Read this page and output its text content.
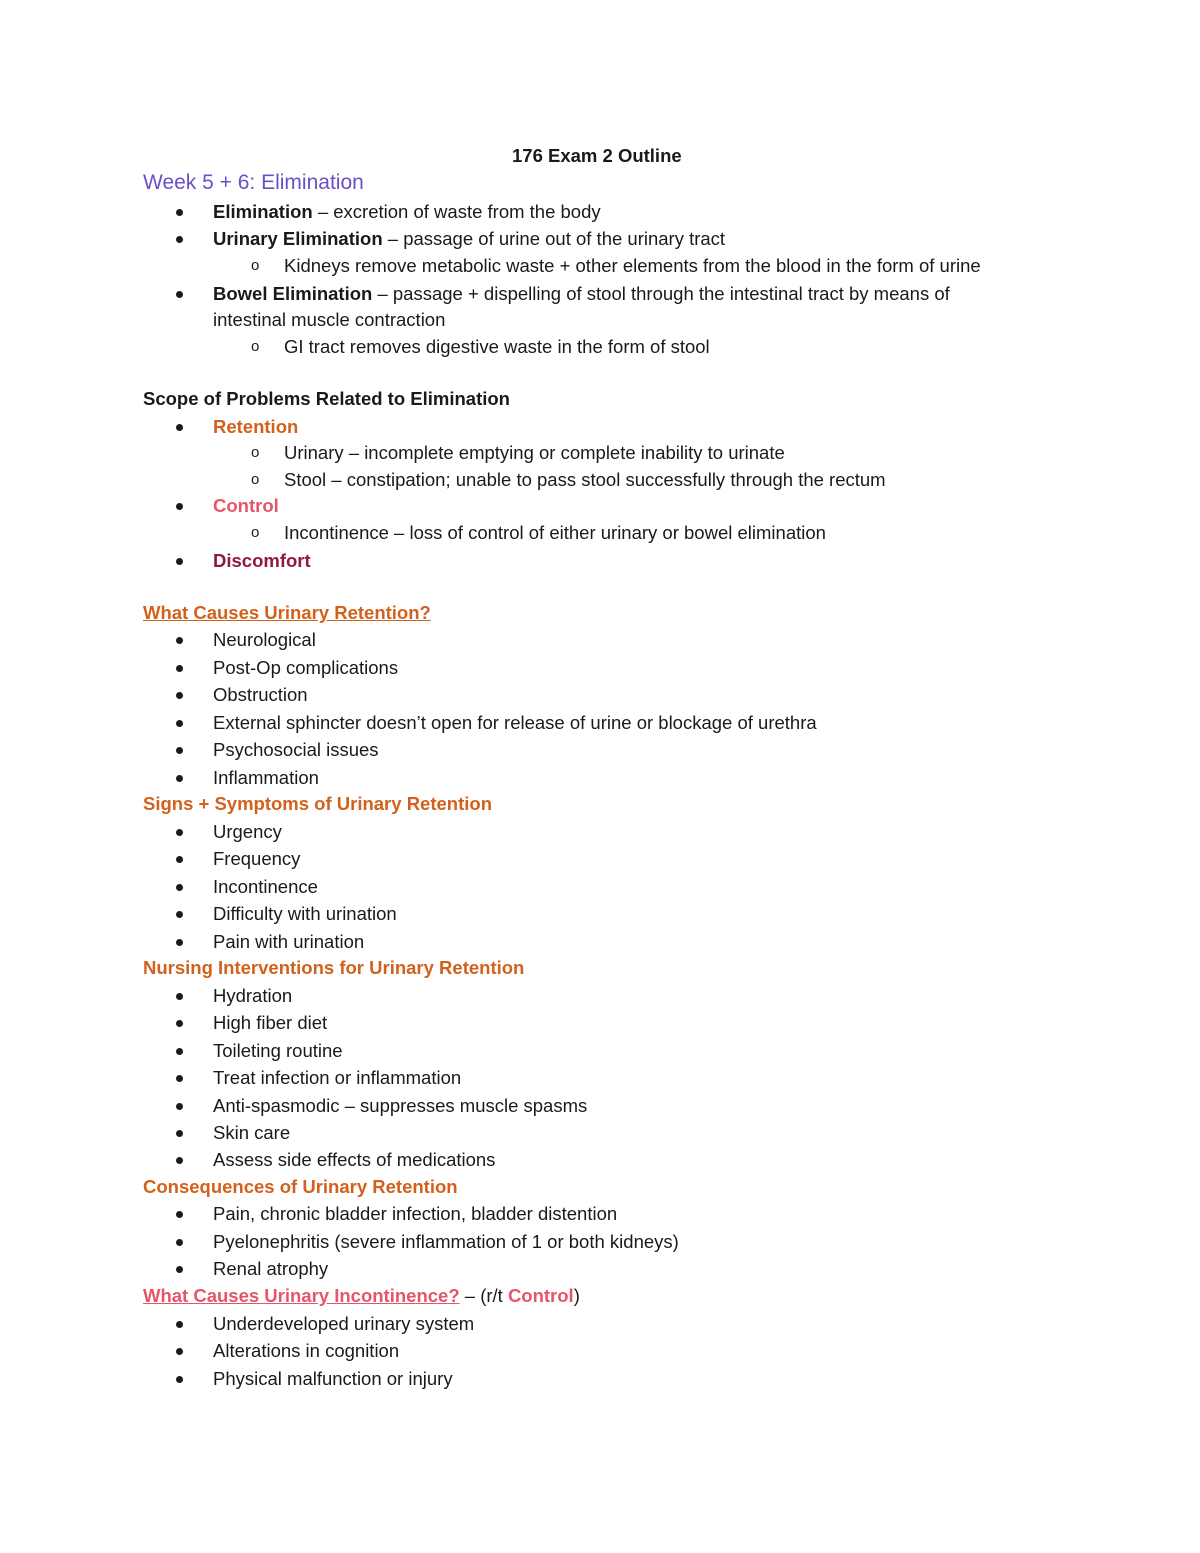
176 Exam 2 Outline
Week 5 + 6: Elimination
Elimination – excretion of waste from the body
Urinary Elimination – passage of urine out of the urinary tract
o Kidneys remove metabolic waste + other elements from the blood in the form of urine
Bowel Elimination – passage + dispelling of stool through the intestinal tract by means of
intestinal muscle contraction
o GI tract removes digestive waste in the form of stool
Scope of Problems Related to Elimination
Retention
o Urinary – incomplete emptying or complete inability to urinate
o Stool – constipation; unable to pass stool successfully through the rectum
Control
o Incontinence – loss of control of either urinary or bowel elimination
Discomfort
What Causes Urinary Retention?
Neurological
Post-Op complications
Obstruction
External sphincter doesn’t open for release of urine or blockage of urethra
Psychosocial issues
Inflammation
Signs + Symptoms of Urinary Retention
Urgency
Frequency
Incontinence
Difficulty with urination
Pain with urination
Nursing Interventions for Urinary Retention
Hydration
High fiber diet
Toileting routine
Treat infection or inflammation
Anti-spasmodic – suppresses muscle spasms
Skin care
Assess side effects of medications
Consequences of Urinary Retention
Pain, chronic bladder infection, bladder distention
Pyelonephritis (severe inflammation of 1 or both kidneys)
Renal atrophy
What Causes Urinary Incontinence? – (r/t Control)
Underdeveloped urinary system
Alterations in cognition
Physical malfunction or injury
